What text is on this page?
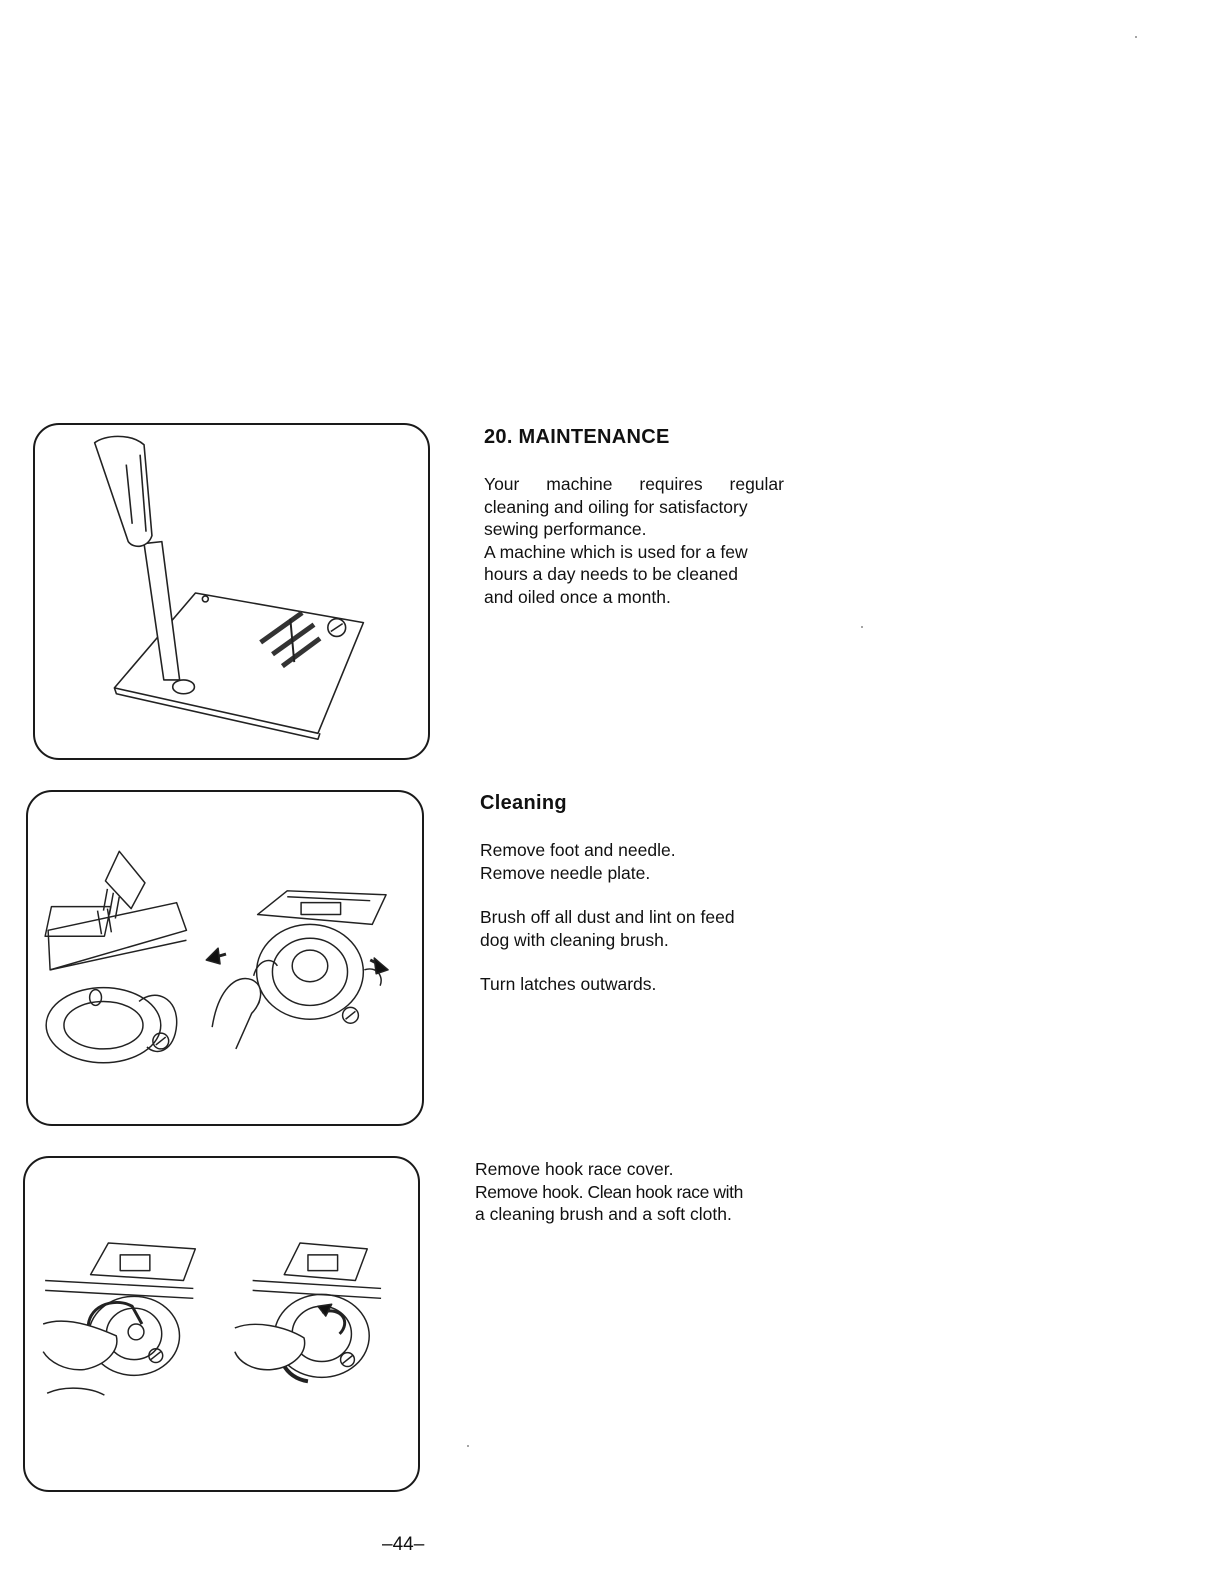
20. MAINTENANCE

Your machine requires regular

cleaning and oiling for satisfactory

sewing performance.

A machine which is used for a few

hours a day needs to be cleaned

and oiled once a month.

Cleaning

Remove foot and needle.

Remove needle plate.

Brush off all dust and lint on feed

dog with cleaning brush.

Turn latches outwards.

Remove hook race cover.

Remove hook. Clean hook race with

a cleaning brush and a soft cloth.

–44–
